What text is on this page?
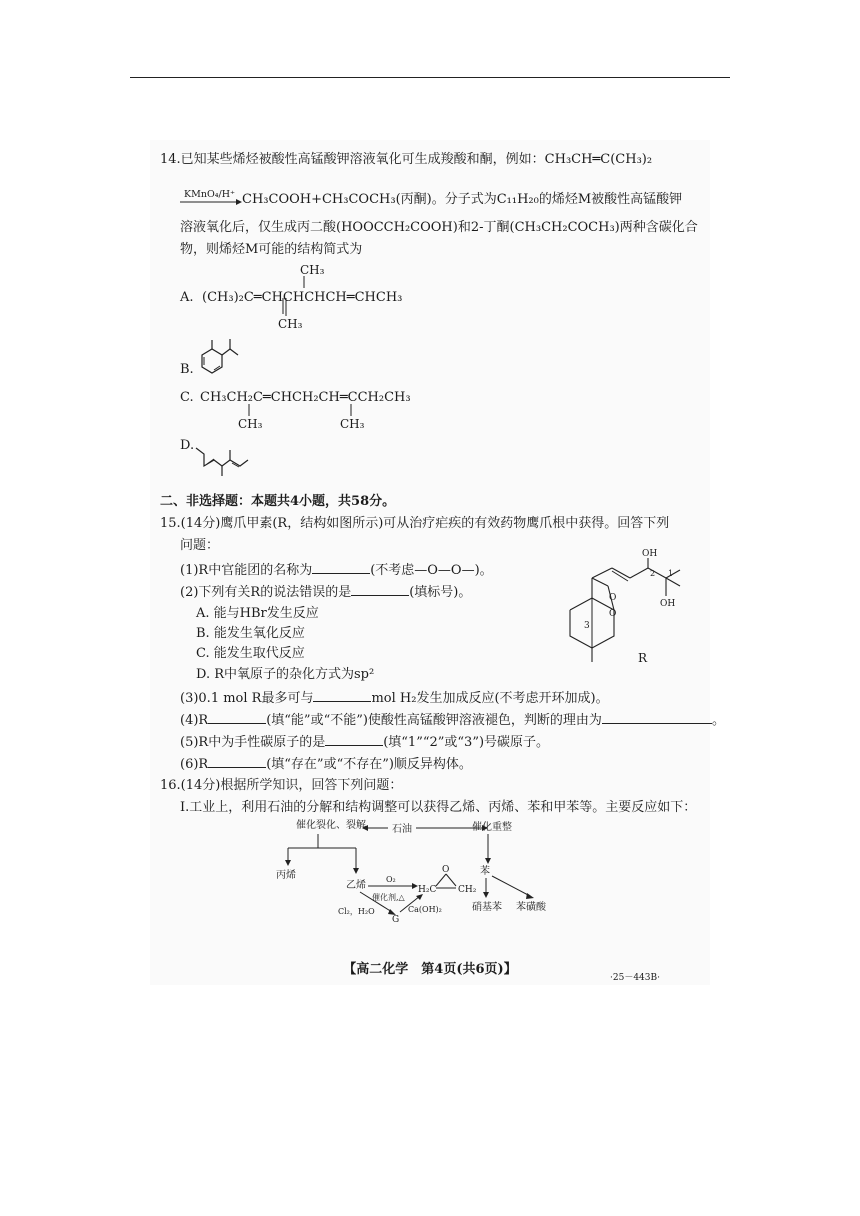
14.已知某些烯烃被酸性高锰酸钾溶液氧化可生成羧酸和酮，例如：CH₃CH═C(CH₃)₂
KMnO₄/H⁺ → CH₃COOH+CH₃COCH₃(丙酮)。分子式为C₁₁H₂₀的烯烃M被酸性高锰酸钾
溶液氧化后，仅生成丙二酸(HOOCCH₂COOH)和2-丁酮(CH₃CH₂COCH₃)两种含碳化合
物，则烯烃M可能的结构简式为
CH₃
A. (CH₃)₂C═CHCHCHCH═CHCH₃
CH₃
B.
C. CH₃CH₂C═CHCH₂CH═CCH₂CH₃
CH₃	CH₃
D.
二、非选择题：本题共4小题，共58分。
15.(14分)鹰爪甲素(R，结构如图所示)可从治疗疟疾的有效药物鹰爪根中获得。回答下列
问题：
(1)R中官能团的名称为	(不考虑—O—O—)。
(2)下列有关R的说法错误的是	(填标号)。
A. 能与HBr发生反应
B. 能发生氧化反应
C. 能发生取代反应
D. R中氧原子的杂化方式为sp²
(3)0.1 mol R最多可与	mol H₂发生加成反应(不考虑开环加成)。
(4)R	(填“能”或“不能”)使酸性高锰酸钾溶液褪色，判断的理由为	。
(5)R中为手性碳原子的是	(填“1”“2”或“3”)号碳原子。
(6)R	(填“存在”或“不存在”)顺反异构体。
O
O
OH
OH
1
2
3
R
16.(14分)根据所学知识，回答下列问题：
Ⅰ.工业上，利用石油的分解和结构调整可以获得乙烯、丙烯、苯和甲苯等。主要反应如下：
催化裂化、裂解	石油	催化重整
丙烯
乙烯
O₂
催化剂,△
H₂C CH₂
O	苯
硝基苯 苯磺酸
Cl₂，H₂O
G
Ca(OH)₂
【高二化学　第4页(共6页)】
·25－443B·
